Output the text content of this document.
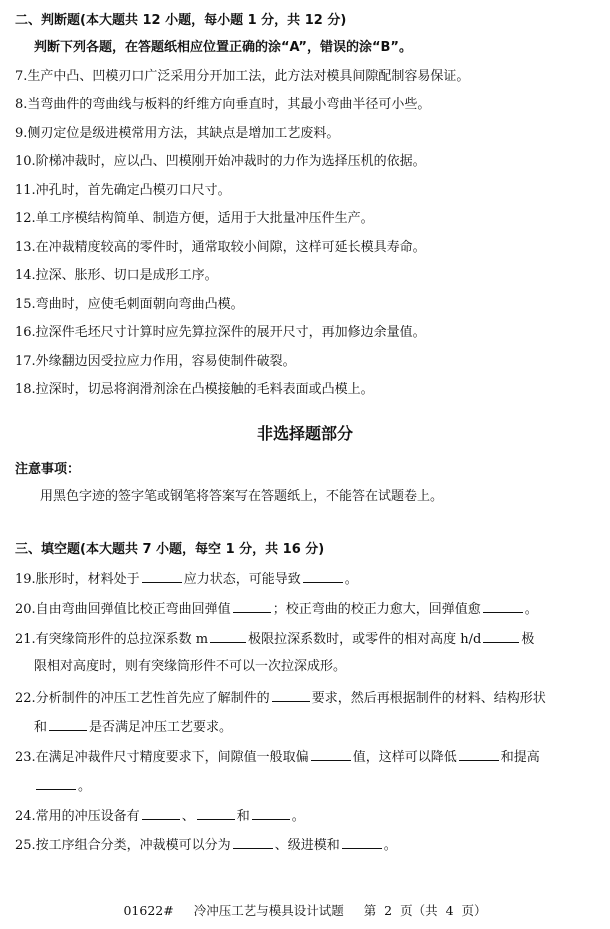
二、判断题(本大题共 12 小题，每小题 1 分，共 12 分)
判断下列各题，在答题纸相应位置正确的涂“A”，错误的涂“B”。
7.生产中凸、凹模刃口广泛采用分开加工法，此方法对模具间隙配制容易保证。
8.当弯曲件的弯曲线与板料的纤维方向垂直时，其最小弯曲半径可小些。
9.侧刃定位是级进模常用方法，其缺点是增加工艺废料。
10.阶梯冲裁时，应以凸、凹模刚开始冲裁时的力作为选择压机的依据。
11.冲孔时，首先确定凸模刃口尺寸。
12.单工序模结构简单、制造方便，适用于大批量冲压件生产。
13.在冲裁精度较高的零件时，通常取较小间隙，这样可延长模具寿命。
14.拉深、胀形、切口是成形工序。
15.弯曲时，应使毛刺面朝向弯曲凸模。
16.拉深件毛坯尺寸计算时应先算拉深件的展开尺寸，再加修边余量值。
17.外缘翻边因受拉应力作用，容易使制件破裂。
18.拉深时，切忌将润滑剂涂在凸模接触的毛料表面或凸模上。
非选择题部分
注意事项：
用黑色字迹的签字笔或钢笔将答案写在答题纸上，不能答在试题卷上。
三、填空题(本大题共 7 小题，每空 1 分，共 16 分)
19.胀形时，材料处于	应力状态，可能导致	。
20.自由弯曲回弹值比校正弯曲回弹值	；校正弯曲的校正力愈大，回弹值愈	。
21.有突缘筒形件的总拉深系数 m	极限拉深系数时，或零件的相对高度 h/d	极
限相对高度时，则有突缘筒形件不可以一次拉深成形。
22.分析制件的冲压工艺性首先应了解制件的	要求，然后再根据制件的材料、结构形状
和	是否满足冲压工艺要求。
23.在满足冲裁件尺寸精度要求下，间隙值一般取偏	值，这样可以降低	和提高
。
24.常用的冲压设备有	、	和	。
25.按工序组合分类，冲裁模可以分为	、级进模和	。
01622# 冷冲压工艺与模具设计试题 第 2 页（共 4 页）
